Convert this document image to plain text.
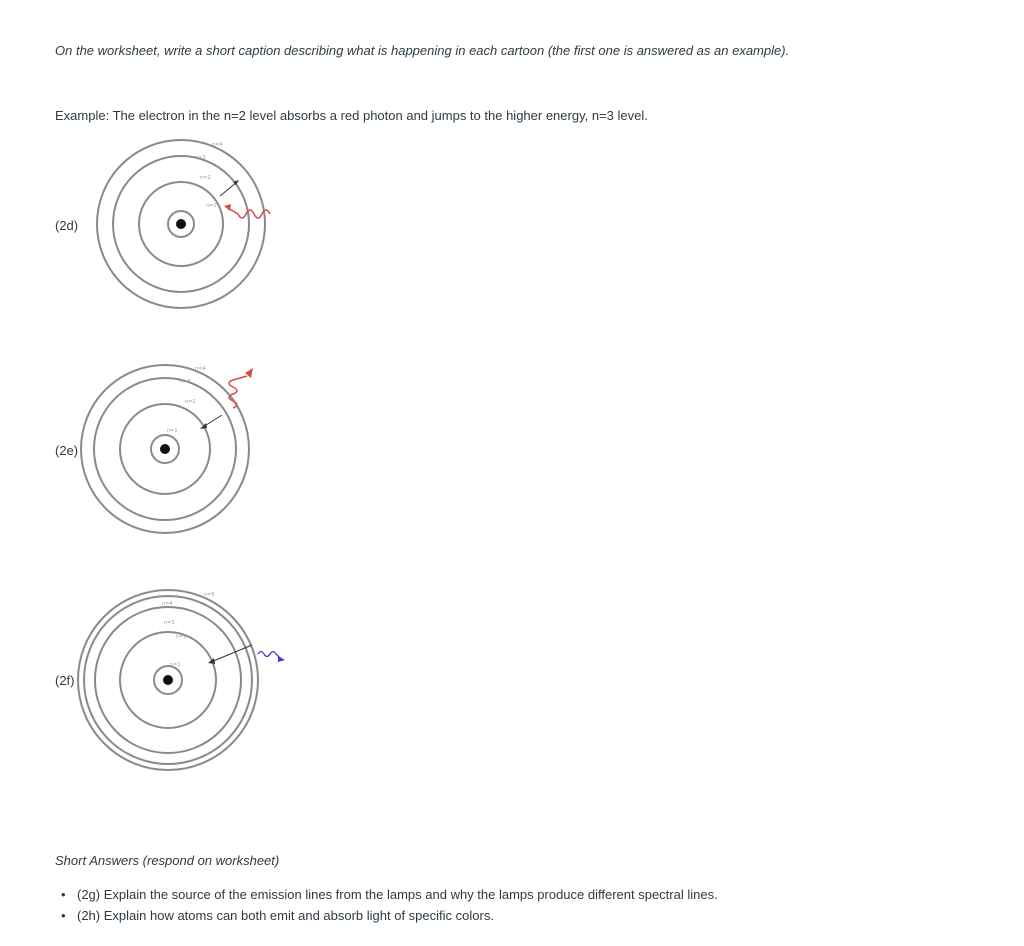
On the worksheet, write a short caption describing what is happening in each cartoon (the first one is answered as an example).
Example: The electron in the n=2 level absorbs a red photon and jumps to the higher energy, n=3 level.
(2d)
n=4
n=3
n=2
n=1
(2e)
n=4
n=3
n=2
n=1
(2f)
n=5
n=4
n=3
n=2
n=1
Short Answers (respond on worksheet)
• (2g) Explain the source of the emission lines from the lamps and why the lamps produce different spectral lines.
• (2h) Explain how atoms can both emit and absorb light of specific colors.
